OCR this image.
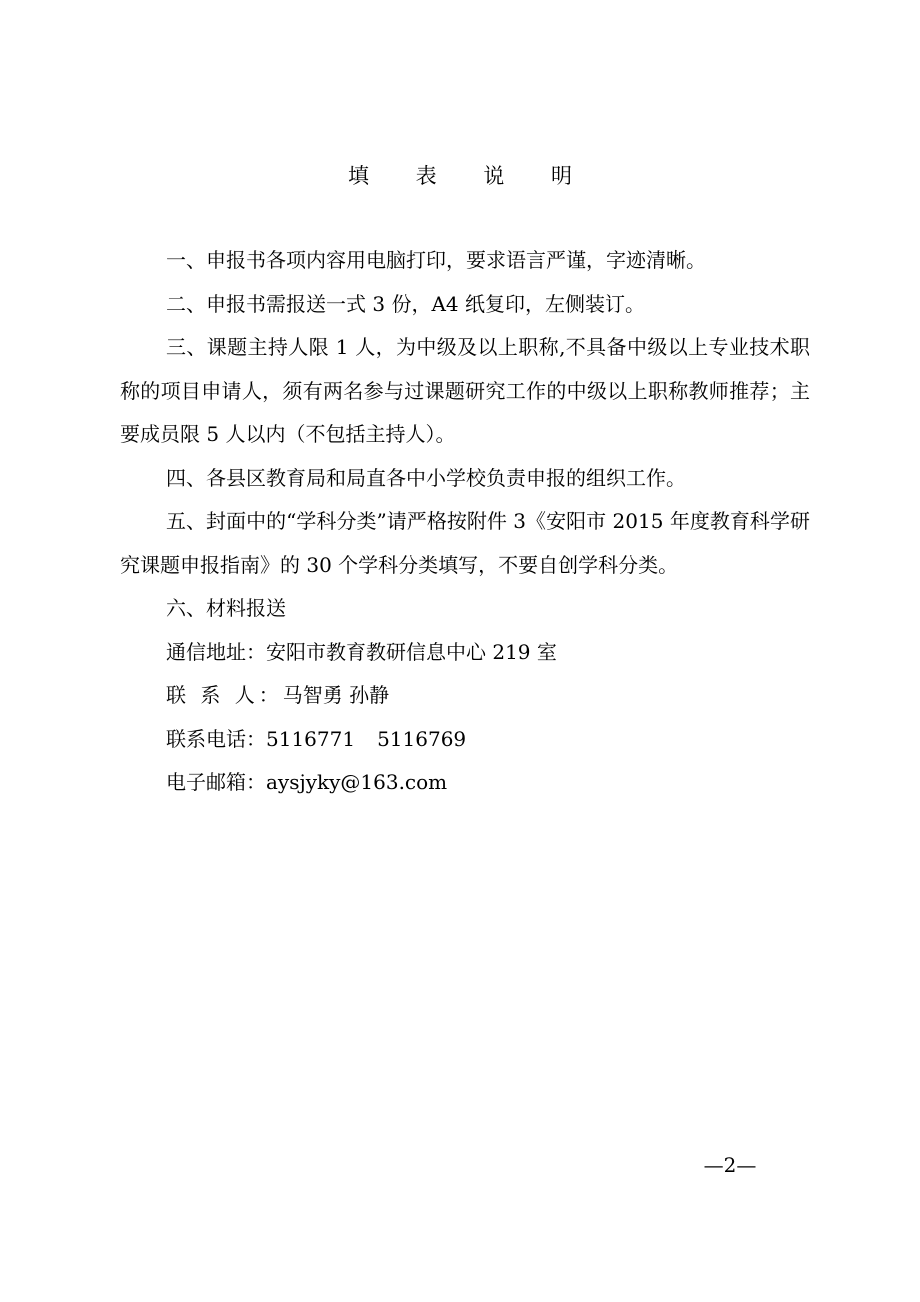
填 表 说 明

一、申报书各项内容用电脑打印，要求语言严谨，字迹清晰。

二、申报书需报送一式 3 份，A4 纸复印，左侧装订。

三、课题主持人限 1 人，为中级及以上职称,不具备中级以上专业技术职称的项目申请人，须有两名参与过课题研究工作的中级以上职称教师推荐；主要成员限 5 人以内（不包括主持人）。

四、各县区教育局和局直各中小学校负责申报的组织工作。

五、封面中的“学科分类”请严格按附件 3《安阳市 2015 年度教育科学研究课题申报指南》的 30 个学科分类填写，不要自创学科分类。

六、材料报送

通信地址：安阳市教育教研信息中心 219 室

联 系 人：马智勇 孙静

联系电话：5116771 5116769

电子邮箱：aysjyky@163.com

—2—
